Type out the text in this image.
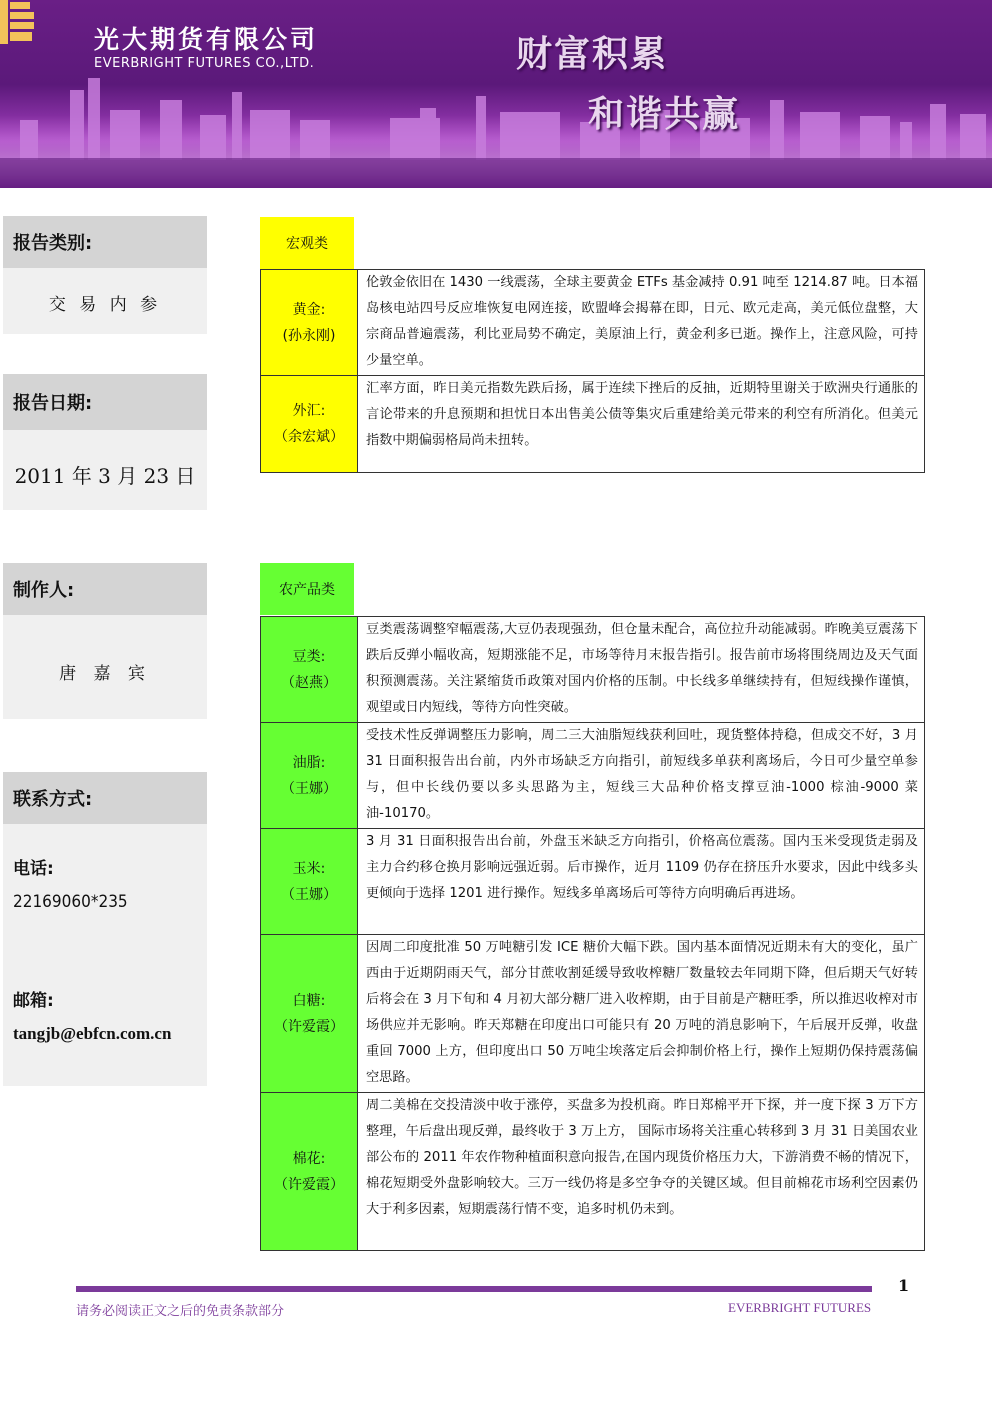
光大期货有限公司
EVERBRIGHT FUTURES CO.,LTD.	财富积累
和谐共赢
报告类别:
交 易 内 参
报告日期:
2011 年 3 月 23 日
制作人:
唐 嘉 宾
联系方式:
电话:
22169060*235
邮箱:
tangjb@ebfcn.com.cn
宏观类
黄金:
(孙永刚)	伦敦金依旧在 1430 一线震荡，全球主要黄金 ETFs 基金减持 0.91 吨至 1214.87 吨。日本福岛核电站四号反应堆恢复电网连接，欧盟峰会揭幕在即，日元、欧元走高，美元低位盘整，大宗商品普遍震荡，利比亚局势不确定，美原油上行，黄金利多已逝。操作上，注意风险，可持少量空单。

外汇:
（余宏斌）	汇率方面，昨日美元指数先跌后扬，属于连续下挫后的反抽，近期特里谢关于欧洲央行通胀的言论带来的升息预期和担忧日本出售美公债等集灾后重建给美元带来的利空有所消化。但美元指数中期偏弱格局尚未扭转。
农产品类
豆类:
（赵燕）	豆类震荡调整窄幅震荡,大豆仍表现强劲，但仓量未配合，高位拉升动能减弱。昨晚美豆震荡下跌后反弹小幅收高，短期涨能不足，市场等待月末报告指引。报告前市场将围绕周边及天气面积预测震荡。关注紧缩货币政策对国内价格的压制。中长线多单继续持有，但短线操作谨慎，观望或日内短线，等待方向性突破。

油脂:
（王娜）	受技术性反弹调整压力影响，周二三大油脂短线获利回吐，现货整体持稳，但成交不好，3 月 31 日面积报告出台前，内外市场缺乏方向指引，前短线多单获利离场后，今日可少量空单参与，但中长线仍要以多头思路为主，短线三大品种价格支撑豆油-1000 棕油-9000 菜油-10170。

玉米:
（王娜）	3 月 31 日面积报告出台前，外盘玉米缺乏方向指引，价格高位震荡。国内玉米受现货走弱及主力合约移仓换月影响远强近弱。后市操作，近月 1109 仍存在挤压升水要求，因此中线多头更倾向于选择 1201 进行操作。短线多单离场后可等待方向明确后再进场。

白糖:
（许爱霞）	因周二印度批准 50 万吨糖引发 ICE 糖价大幅下跌。国内基本面情况近期未有大的变化，虽广西由于近期阴雨天气，部分甘蔗收割延缓导致收榨糖厂数量较去年同期下降，但后期天气好转后将会在 3 月下旬和 4 月初大部分糖厂进入收榨期，由于目前是产糖旺季，所以推迟收榨对市场供应并无影响。昨天郑糖在印度出口可能只有 20 万吨的消息影响下，午后展开反弹，收盘重回 7000 上方，但印度出口 50 万吨尘埃落定后会抑制价格上行，操作上短期仍保持震荡偏空思路。

棉花:
（许爱霞）	周二美棉在交投清淡中收于涨停，买盘多为投机商。昨日郑棉平开下探，并一度下探 3 万下方整理，午后盘出现反弹，最终收于 3 万上方， 国际市场将关注重心转移到 3 月 31 日美国农业部公布的 2011 年农作物种植面积意向报告,在国内现货价格压力大，下游消费不畅的情况下，棉花短期受外盘影响较大。三万一线仍将是多空争夺的关键区域。但目前棉花市场利空因素仍大于利多因素，短期震荡行情不变，追多时机仍未到。
1
请务必阅读正文之后的免责条款部分	EVERBRIGHT FUTURES
